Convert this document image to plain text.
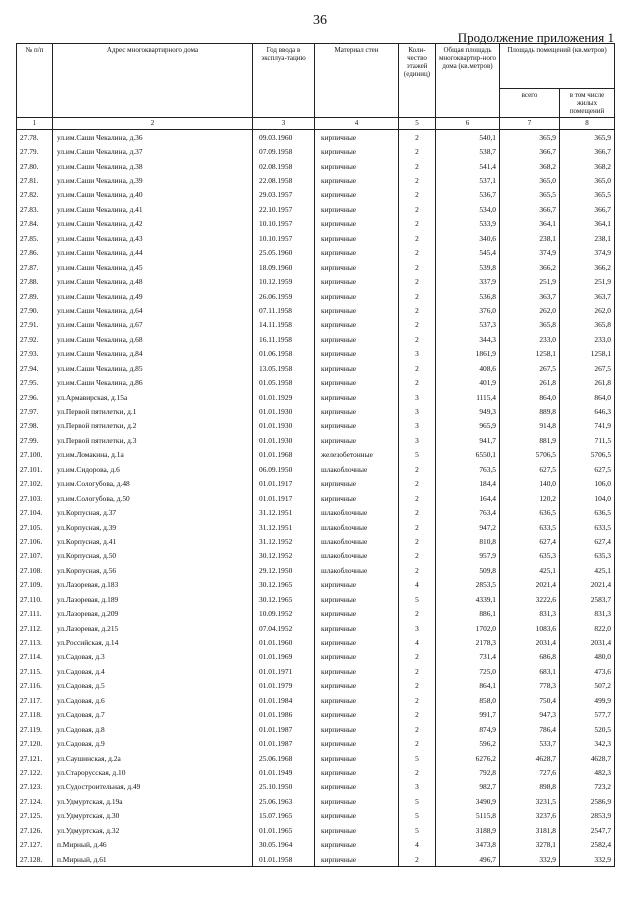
36
Продолжение приложения 1
№ п/п	Адрес многоквартирного дома	Год ввода в эксплуа-тацию	Материал стен	Коли-чество этажей (единиц)	Общая площадь многоквартир-ного дома (кв.метров)	Площадь помещений (кв.метров)	
						всего	в том числе жилых помещений
1	2	3	4	5	6	7	8
27.78.	ул.им.Саши Чекалина, д.36	09.03.1960	кирпичные	2	540,1	365,9	365,9
27.79.	ул.им.Саши Чекалина, д.37	07.09.1958	кирпичные	2	538,7	366,7	366,7
27.80.	ул.им.Саши Чекалина, д.38	02.08.1958	кирпичные	2	541,4	368,2	368,2
27.81.	ул.им.Саши Чекалина, д.39	22.08.1958	кирпичные	2	537,1	365,0	365,0
27.82.	ул.им.Саши Чекалина, д.40	29.03.1957	кирпичные	2	536,7	365,5	365,5
27.83.	ул.им.Саши Чекалина, д.41	22.10.1957	кирпичные	2	534,0	366,7	366,7
27.84.	ул.им.Саши Чекалина, д.42	10.10.1957	кирпичные	2	533,9	364,1	364,1
27.85.	ул.им.Саши Чекалина, д.43	10.10.1957	кирпичные	2	340,6	238,1	238,1
27.86.	ул.им.Саши Чекалина, д.44	25.05.1960	кирпичные	2	545,4	374,9	374,9
27.87.	ул.им.Саши Чекалина, д.45	18.09.1960	кирпичные	2	539,8	366,2	366,2
27.88.	ул.им.Саши Чекалина, д.48	10.12.1959	кирпичные	2	337,9	251,9	251,9
27.89.	ул.им.Саши Чекалина, д.49	26.06.1959	кирпичные	2	536,8	363,7	363,7
27.90.	ул.им.Саши Чекалина, д.64	07.11.1958	кирпичные	2	376,0	262,0	262,0
27.91.	ул.им.Саши Чекалина, д.67	14.11.1958	кирпичные	2	537,3	365,8	365,8
27.92.	ул.им.Саши Чекалина, д.68	16.11.1958	кирпичные	2	344,3	233,0	233,0
27.93.	ул.им.Саши Чекалина, д.84	01.06.1958	кирпичные	3	1861,9	1258,1	1258,1
27.94.	ул.им.Саши Чекалина, д.85	13.05.1958	кирпичные	2	408,6	267,5	267,5
27.95.	ул.им.Саши Чекалина, д.86	01.05.1958	кирпичные	2	401,9	261,8	261,8
27.96.	ул.Армавирская, д.15а	01.01.1929	кирпичные	3	1115,4	864,0	864,0
27.97.	ул.Первой пятилетки, д.1	01.01.1930	кирпичные	3	949,3	889,8	646,3
27.98.	ул.Первой пятилетки, д.2	01.01.1930	кирпичные	3	965,9	914,8	741,9
27.99.	ул.Первой пятилетки, д.3	01.01.1930	кирпичные	3	941,7	881,9	711,5
27.100.	ул.им.Ломакина, д.1а	01.01.1968	железобетонные	5	6550,1	5706,5	5706,5
27.101.	ул.им.Сидорова, д.6	06.09.1950	шлакоблочные	2	763,5	627,5	627,5
27.102.	ул.им.Сологубова, д.48	01.01.1917	кирпичные	2	184,4	140,0	106,0
27.103.	ул.им.Сологубова, д.50	01.01.1917	кирпичные	2	164,4	120,2	104,0
27.104.	ул.Корпусная, д.37	31.12.1951	шлакоблочные	2	763,4	636,5	636,5
27.105.	ул.Корпусная, д.39	31.12.1951	шлакоблочные	2	947,2	633,5	633,5
27.106.	ул.Корпусная, д.41	31.12.1952	шлакоблочные	2	810,8	627,4	627,4
27.107.	ул.Корпусная, д.50	30.12.1952	шлакоблочные	2	957,9	635,3	635,3
27.108.	ул.Корпусная, д.56	29.12.1950	шлакоблочные	2	509,8	425,1	425,1
27.109.	ул.Лазоревая, д.183	30.12.1965	кирпичные	4	2853,5	2021,4	2021,4
27.110.	ул.Лазоревая, д.189	30.12.1965	кирпичные	5	4339,1	3222,6	2583,7
27.111.	ул.Лазоревая, д.209	10.09.1952	кирпичные	2	886,1	831,3	831,3
27.112.	ул.Лазоревая, д.215	07.04.1952	кирпичные	3	1702,0	1083,6	822,0
27.113.	ул.Российская, д.14	01.01.1960	кирпичные	4	2178,3	2031,4	2031,4
27.114.	ул.Садовая, д.3	01.01.1969	кирпичные	2	731,4	686,8	480,0
27.115.	ул.Садовая, д.4	01.01.1971	кирпичные	2	725,0	683,1	473,6
27.116.	ул.Садовая, д.5	01.01.1979	кирпичные	2	864,1	778,3	507,2
27.117.	ул.Садовая, д.6	01.01.1984	кирпичные	2	858,0	750,4	499,9
27.118.	ул.Садовая, д.7	01.01.1986	кирпичные	2	991,7	947,3	577,7
27.119.	ул.Садовая, д.8	01.01.1987	кирпичные	2	874,9	786,4	520,5
27.120.	ул.Садовая, д.9	01.01.1987	кирпичные	2	596,2	533,7	342,3
27.121.	ул.Саушинская, д.2а	25.06.1968	кирпичные	5	6276,2	4628,7	4628,7
27.122.	ул.Старорусская, д.10	01.01.1949	кирпичные	2	792,8	727,6	482,3
27.123.	ул.Судостроительная, д.49	25.10.1950	кирпичные	3	982,7	898,8	723,2
27.124.	ул.Удмуртская, д.19а	25.06.1963	кирпичные	5	3490,9	3231,5	2586,9
27.125.	ул.Удмуртская, д.30	15.07.1965	кирпичные	5	5115,8	3237,6	2853,9
27.126.	ул.Удмуртская, д.32	01.01.1965	кирпичные	5	3188,9	3181,8	2547,7
27.127.	п.Мирный, д.46	30.05.1964	кирпичные	4	3473,8	3278,1	2582,4
27.128.	п.Мирный, д.61	01.01.1958	кирпичные	2	496,7	332,9	332,9
